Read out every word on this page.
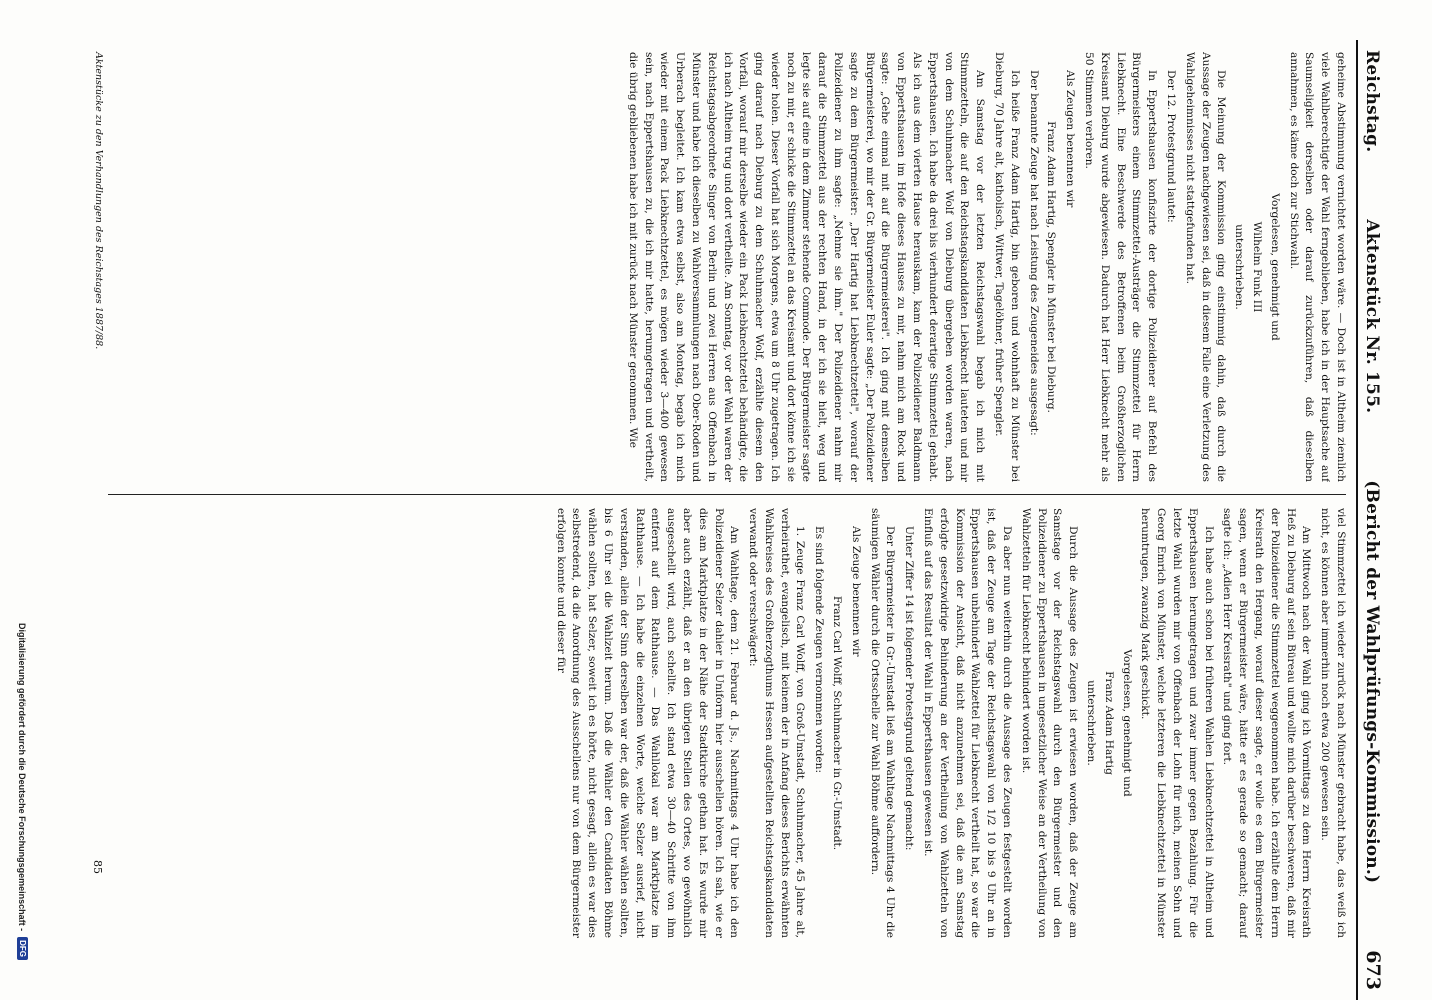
Reichstag.
Aktenstück Nr. 155.
(Bericht der Wahlprüfungs-Kommission.)
673

geheime Abstimmung vernichtet worden wäre. — Doch ist in Altheim ziemlich viele Wahlberechtigte der Wahl ferngeblieben, habe ich in der Hauptsache auf Saumseligkeit derselben oder darauf zurückzuführen, daß dieselben annahmen, es käme doch zur Stichwahl.

Vorgelesen, genehmigt und

Wilhelm Funk III

unterschrieben.

Die Meinung der Kommission ging einstimmig dahin, daß durch die Aussage der Zeugen nachgewiesen sei, daß in diesem Falle eine Verletzung des Wahlgeheimnisses nicht stattgefunden hat.

Der 12. Protestgrund lautet:

In Eppertshausen konfiszirte der dortige Polizeidiener auf Befehl des Bürgermeisters einem Stimmzettel-Austräger die Stimmzettel für Herrn Liebknecht. Eine Beschwerde des Betroffenen beim Großherzoglichen Kreisamt Dieburg wurde abgewiesen. Dadurch hat Herr Liebknecht mehr als 50 Stimmen verloren.

Als Zeugen benennen wir

Franz Adam Hartig, Spengler in Münster bei Dieburg.

Der benannte Zeuge hat nach Leistung des Zeugeneides ausgesagt:

Ich heiße Franz Adam Hartig, bin geboren und wohnhaft zu Münster bei Dieburg, 70 Jahre alt, katholisch, Wittwer, Tagelöhner, früher Spengler.

Am Samstag vor der letzten Reichstagswahl begab ich mich mit Stimmzetteln, die auf den Reichstagskandidaten Liebknecht lauteten und mir von dem Schuhmacher Wolf von Dieburg übergeben worden waren, nach Eppertshausen. Ich habe da drei bis vierhundert derartige Stimmzettel gehabt. Als ich aus dem vierten Hause herauskam, kam der Polizeidiener Baldmann von Eppertshausen im Hofe dieses Hauses zu mir, nahm mich am Rock und sagte: „Gehe einmal mit auf die Bürgermeisterei". Ich ging mit demselben Bürgermeisterei, wo mir der Gr. Bürgermeister Euler sagte: „Der Polizeidiener sagte zu dem Bürgermeister: „Der Hartig hat Liebknechtzettel", worauf der Polizeidiener zu ihm sagte: „Nehme sie ihm." Der Polizeidiener nahm mir darauf die Stimmzettel aus der rechten Hand, in der ich sie hielt, weg und legte sie auf eine in dem Zimmer stehende Commode. Der Bürgermeister sagte noch zu mir, er schicke die Stimmzettel an das Kreisamt und dort könne ich sie wieder holen. Dieser Vorfall hat sich Morgens, etwa um 8 Uhr zugetragen. Ich ging darauf nach Dieburg zu dem Schuhmacher Wolf, erzählte diesem den Vorfall, worauf mir derselbe wieder ein Pack Liebknechtzettel behändigte, die ich nach Altheim trug und dort vertheilte. Am Sonntag, vor der Wahl waren der Reichstagsabgeordnete Singer von Berlin und zwei Herren aus Offenbach in Münster und habe ich dieselben zu Wahlversammlungen nach Ober-Roden und Urberach begleitet. Ich kam etwa selbst, also am Montag, begab ich mich wieder mit einem Pack Liebknechtzettel, es mögen wieder 3—400 gewesen sein, nach Eppertshausen zu, die ich mir hatte, herumgetragen und vertheilt, die übrig gebliebenen habe ich mit zurück nach Münster genommen. Wie

viel Stimmzettel ich wieder zurück nach Münster gebracht habe, das weiß ich nicht, es können aber immerhin noch etwa 200 gewesen sein.

Am Mittwoch nach der Wahl ging ich Vormittags zu dem Herrn Kreisrath Heß zu Dieburg auf sein Büreau und wollte mich darüber beschweren, daß mir der Polizeidiener die Stimmzettel weggenommen habe. Ich erzählte dem Herrn Kreisrath den Hergang, worauf dieser sagte, er wolle es dem Bürgermeister sagen, wenn er Bürgermeister wäre, hätte er es gerade so gemacht; darauf sagte ich: „Adien Herr Kreisrath" und ging fort.

Ich habe auch schon bei früheren Wahlen Liebknechtzettel in Altheim und Eppertshausen herumgetragen und zwar immer gegen Bezahlung. Für die letzte Wahl wurden mir von Offenbach der Lohn für mich, meinen Sohn und Georg Emrich von Münster, welche letzteren die Liebknechtzettel in Münster herumtrugen, zwanzig Mark geschickt.

Vorgelesen, genehmigt und

Franz Adam Hartig

unterschrieben.

Durch die Aussage des Zeugen ist erwiesen worden, daß der Zeuge am Samstage vor der Reichstagswahl durch den Bürgermeister und den Polizeidiener zu Eppertshausen in ungesetzlicher Weise an der Vertheilung von Wahlzetteln für Liebknecht behindert worden ist.

Da aber nun weiterhin durch die Aussage des Zeugen festgestellt worden ist, daß der Zeuge am Tage der Reichstagswahl von 1/2 10 bis 9 Uhr an in Eppertshausen unbehindert Wahlzettel für Liebknecht vertheilt hat, so war die Kommission der Ansicht, daß nicht anzunehmen sei, daß die am Samstag erfolgte gesetzwidrige Behinderung an der Vertheilung von Wahlzetteln von Einfluß auf das Resultat der Wahl in Eppertshausen gewesen ist.

Unter Ziffer 14 ist folgender Protestgrund geltend gemacht:

Der Bürgermeister in Gr.-Umstadt ließ am Wahltage Nachmittags 4 Uhr die säumigen Wähler durch die Ortsschelle zur Wahl Böhme auffordern.

Als Zeuge benennen wir

Franz Carl Wolff, Schuhmacher in Gr.-Umstadt.

Es sind folgende Zeugen vernommen worden:

1. Zeuge Franz Carl Wolff, von Groß-Umstadt, Schuhmacher, 45 Jahre alt, verheirathet, evangelisch, mit keinem der in Anfang dieses Berichts erwähnten Wahlkreises des Großherzogthums Hessen aufgestellten Reichstagskandidaten verwandt oder verschwägert:

Am Wahltage, dem 21. Februar d. Js., Nachmittags 4 Uhr habe ich den Polizeidiener Selzer dahier in Uniform hier ausschellen hören. Ich sah, wie er dies am Marktplatze in der Nähe der Stadtkirche gethan hat. Es wurde mir aber auch erzählt, daß er an den übrigen Stellen des Ortes, wo gewöhnlich ausgeschellt wird, auch schellte. Ich stand etwa 30—40 Schritte von ihm entfernt auf dem Rathhause. — Das Wahllokal war am Marktplatze im Rathhause. — Ich habe die einzelnen Worte, welche Selzer ausrief, nicht verstanden, allein der Sinn derselben war der, daß die Wähler wählen sollten, bis 6 Uhr sei die Wahlzeit herum. Daß die Wähler den Candidaten Böhme wählen sollten, hat Selzer, soweit ich es hörte, nicht gesagt, allein es war dies selbstredend, da die Anordnung des Ausschellens nur von dem Bürgermeister erfolgen konnte und dieser für

Aktenstücke zu den Verhandlungen des Reichstages 1887/88.
85
Digitalisierung gefördert durch die Deutsche Forschungsgemeinschaft -
DFG
